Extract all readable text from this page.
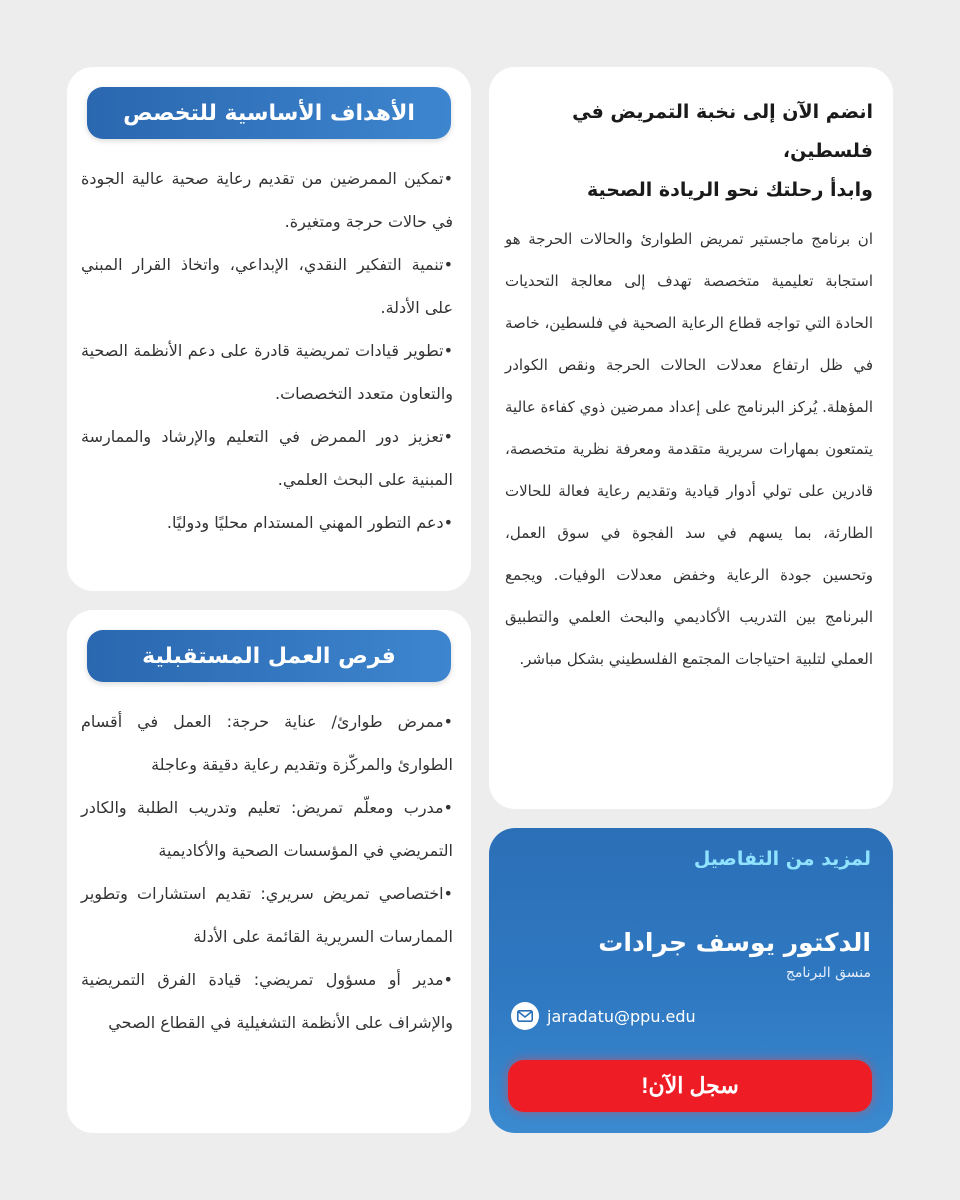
انضم الآن إلى نخبة التمريض في فلسطين،
وابدأ رحلتك نحو الريادة الصحية

ان برنامج ماجستير تمريض الطوارئ والحالات الحرجة هو استجابة تعليمية متخصصة تهدف إلى معالجة التحديات الحادة التي تواجه قطاع الرعاية الصحية في فلسطين، خاصة في ظل ارتفاع معدلات الحالات الحرجة ونقص الكوادر المؤهلة. يُركز البرنامج على إعداد ممرضين ذوي كفاءة عالية يتمتعون بمهارات سريرية متقدمة ومعرفة نظرية متخصصة، قادرين على تولي أدوار قيادية وتقديم رعاية فعالة للحالات الطارئة، بما يسهم في سد الفجوة في سوق العمل، وتحسين جودة الرعاية وخفض معدلات الوفيات. ويجمع البرنامج بين التدريب الأكاديمي والبحث العلمي والتطبيق العملي لتلبية احتياجات المجتمع الفلسطيني بشكل مباشر.

الأهداف الأساسية للتخصص
•تمكين الممرضين من تقديم رعاية صحية عالية الجودة في حالات حرجة ومتغيرة.
•تنمية التفكير النقدي، الإبداعي، واتخاذ القرار المبني على الأدلة.
•تطوير قيادات تمريضية قادرة على دعم الأنظمة الصحية والتعاون متعدد التخصصات.
•تعزيز دور الممرض في التعليم والإرشاد والممارسة المبنية على البحث العلمي.
•دعم التطور المهني المستدام محليًا ودوليًا.
فرص العمل المستقبلية
•ممرض طوارئ/ عناية حرجة: العمل في أقسام الطوارئ والمركّزة وتقديم رعاية دقيقة وعاجلة
•مدرب ومعلّم تمريض: تعليم وتدريب الطلبة والكادر التمريضي في المؤسسات الصحية والأكاديمية
•اختصاصي تمريض سريري: تقديم استشارات وتطوير الممارسات السريرية القائمة على الأدلة
•مدير أو مسؤول تمريضي: قيادة الفرق التمريضية والإشراف على الأنظمة التشغيلية في القطاع الصحي
لمزيد من التفاصيل
الدكتور يوسف جرادات
منسق البرنامج
jaradatu@ppu.edu
سجل الآن!
